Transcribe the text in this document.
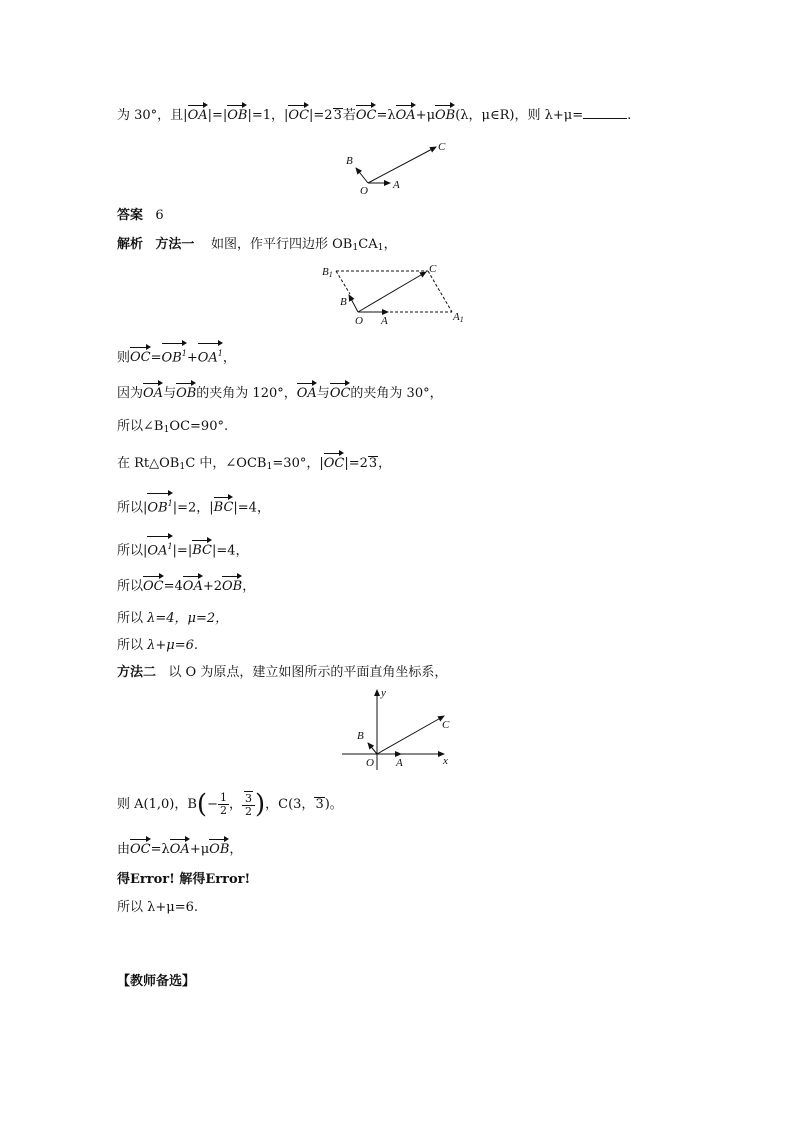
为 30°，且|OA|=|OB|=1，|OC|=23若OC=λOA+μOB(λ，μ∈R)，则 λ+μ=	.
O A
B
C
答案 6
解析 方法一 如图，作平行四边形 $OB_1CA_1$，
B1
B
O A
C
A1
则$OC=OB^1+OA^1$，
因为OA与OB的夹角为 120°，OA与OC的夹角为 30°，
所以$\angle B_1OC=90^\circ$.
在 $Rt\triangle OB_1C$ 中，$\angle OCB_1=30^\circ$，|OC|=23，
所以$|OB^1|=2$，|BC|=4，
所以$|OA^1|=|BC|=4$，
所以OC=4OA+2OB，
所以 λ=4，μ=2，
所以 λ+μ=6.
方法二 以 O 为原点，建立如图所示的平面直角坐标系，
y
x
O A
B
C
则 A(1,0)，$B(- \frac{1}{2}$ ， $\frac{3}{2}$ )，C(3，3)。
由OC=λOA+μOB，
得Error! 解得Error!
所以 λ+μ=6.
【教师备选】
